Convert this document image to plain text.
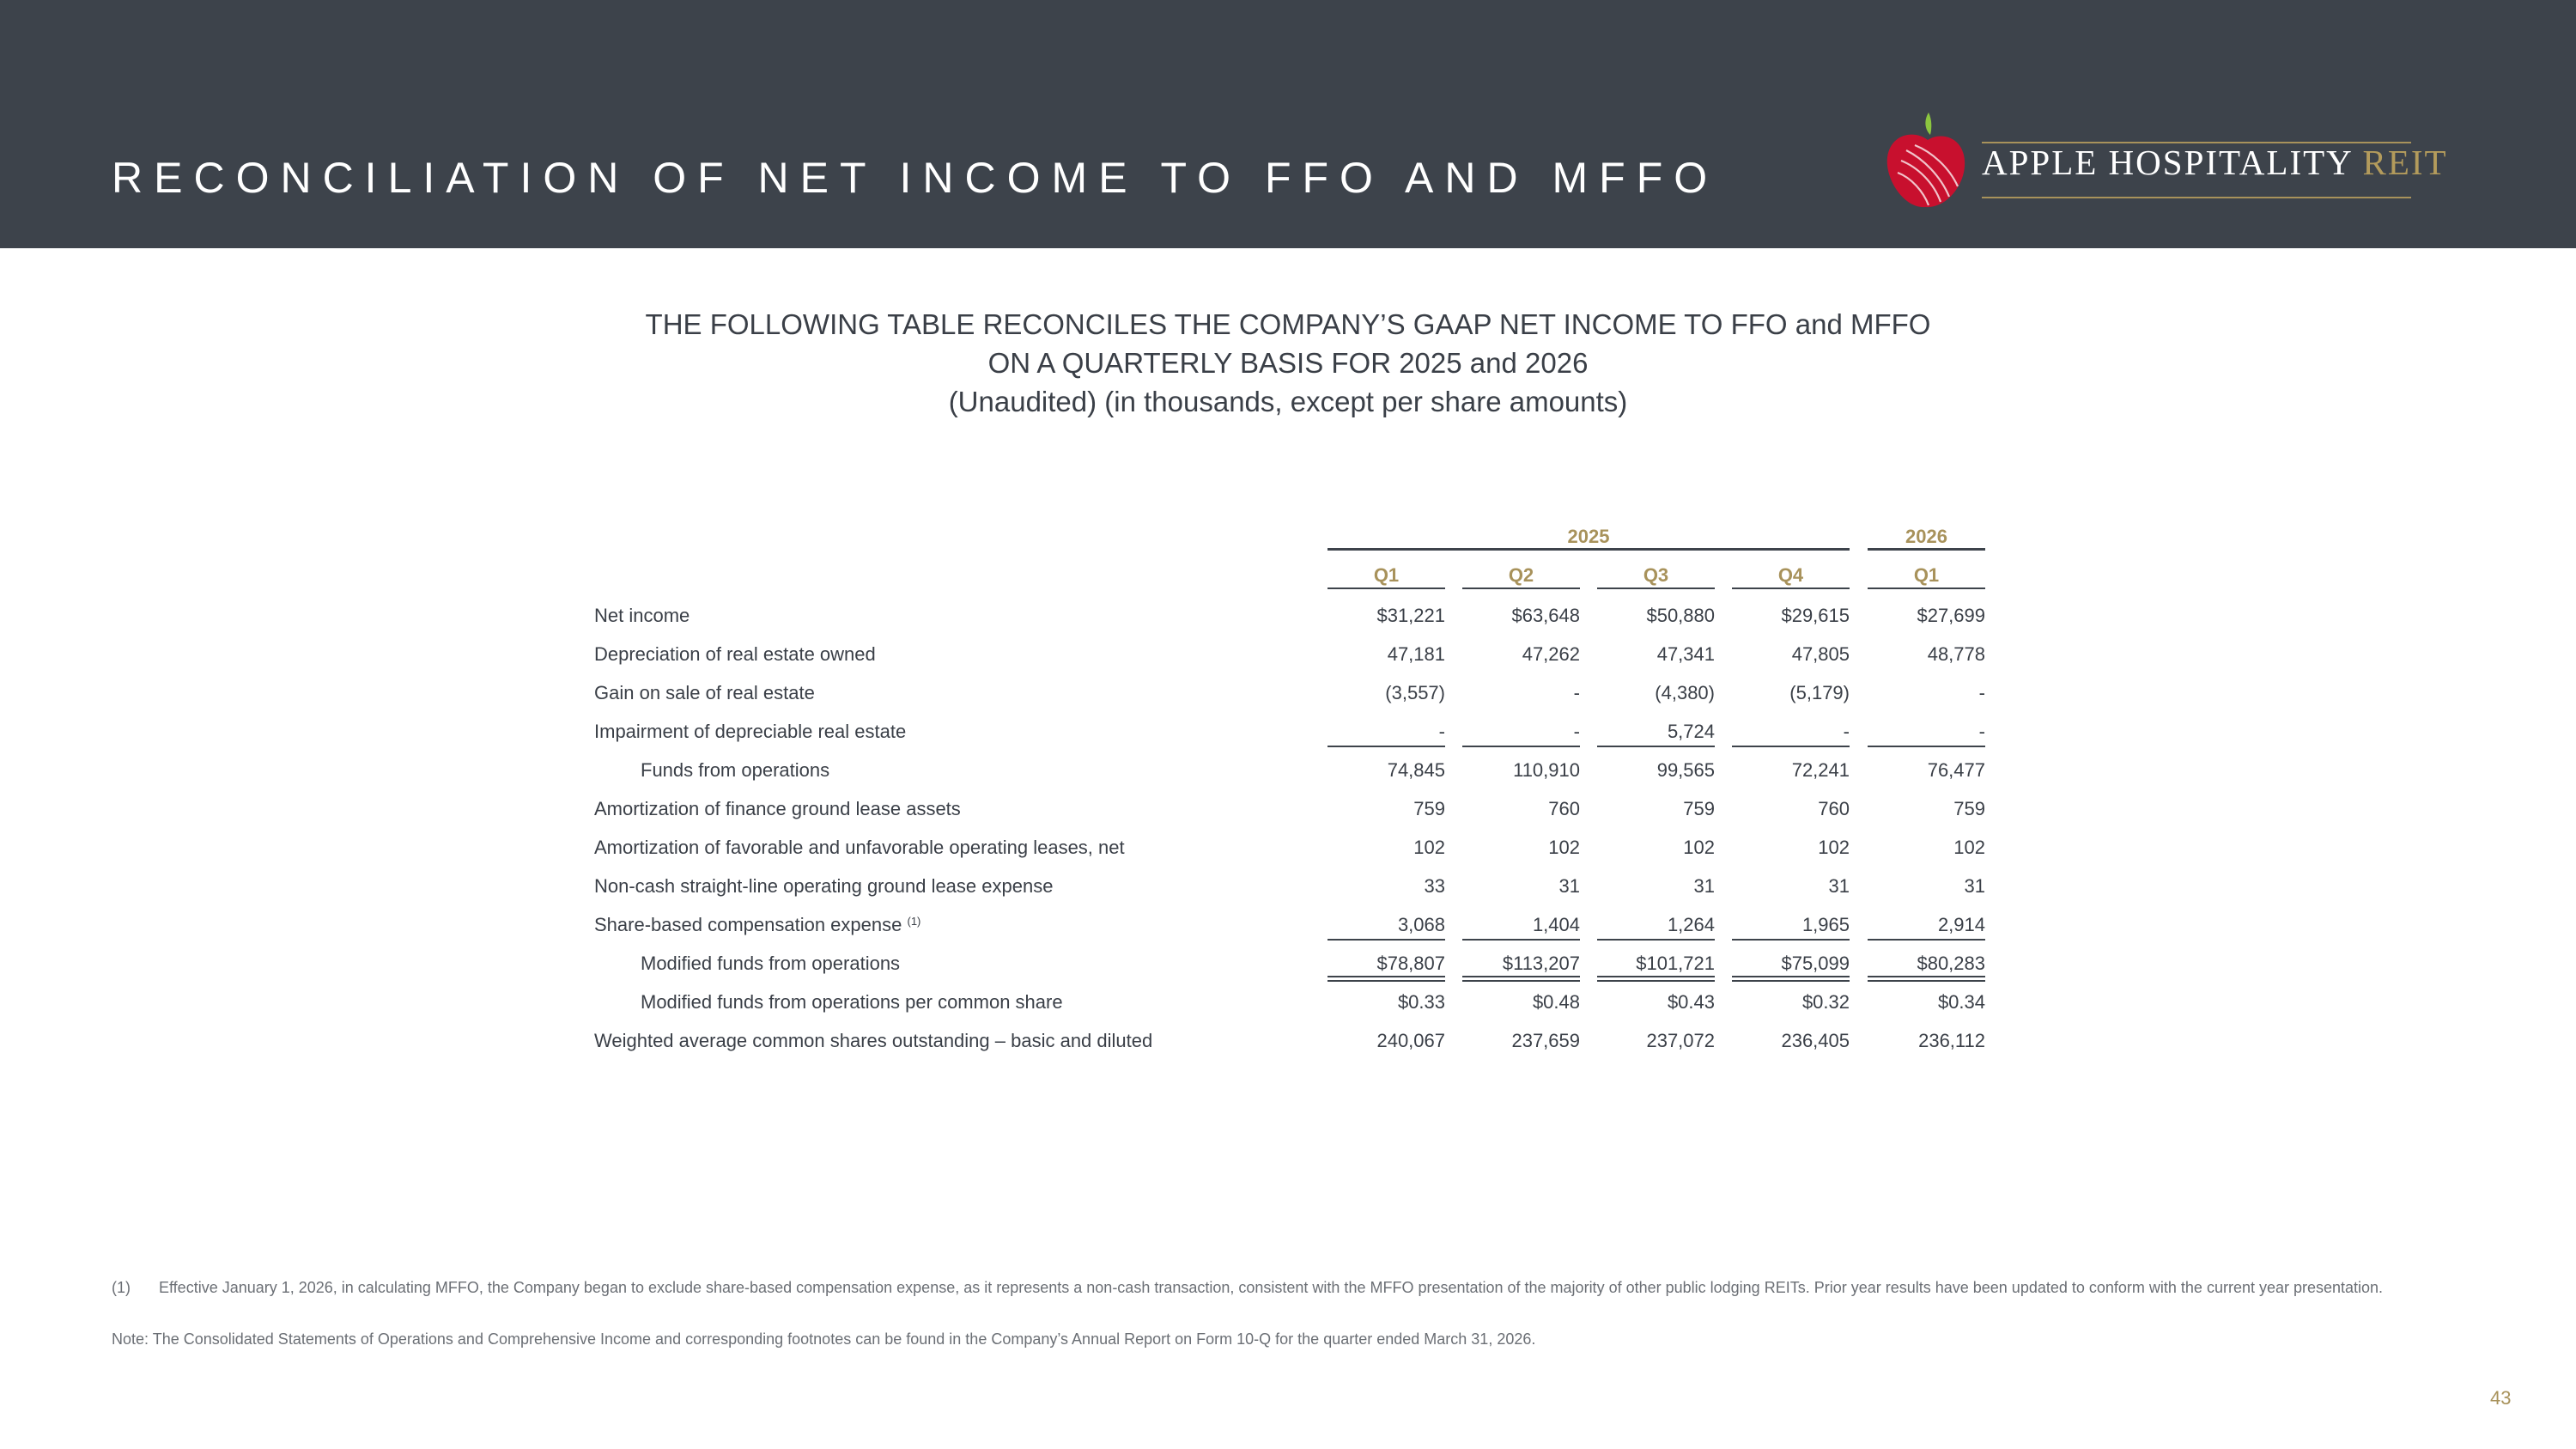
RECONCILIATION OF NET INCOME TO FFO AND MFFO	APPLE HOSPITALITY REIT
THE FOLLOWING TABLE RECONCILES THE COMPANY’S GAAP NET INCOME TO FFO and MFFO
ON A QUARTERLY BASIS FOR 2025 and 2026
(Unaudited) (in thousands, except per share amounts)
2025	2026
Q1	Q2	Q3	Q4	Q1
Net income	$31,221	$63,648	$50,880	$29,615	$27,699
Depreciation of real estate owned	47,181	47,262	47,341	47,805	48,778
Gain on sale of real estate	(3,557)	-	(4,380)	(5,179)	-
Impairment of depreciable real estate	-	-	5,724	-	-
Funds from operations	74,845	110,910	99,565	72,241	76,477
Amortization of finance ground lease assets	759	760	759	760	759
Amortization of favorable and unfavorable operating leases, net	102	102	102	102	102
Non-cash straight-line operating ground lease expense	33	31	31	31	31
Share-based compensation expense $^{(1)}$	3,068	1,404	1,264	1,965	2,914
Modified funds from operations	$78,807	$113,207	$101,721	$75,099	$80,283
Modified funds from operations per common share	$0.33	$0.48	$0.43	$0.32	$0.34
Weighted average common shares outstanding – basic and diluted	240,067	237,659	237,072	236,405	236,112
(1) Effective January 1, 2026, in calculating MFFO, the Company began to exclude share-based compensation expense, as it represents a non-cash transaction, consistent with the MFFO presentation of the majority of other public lodging REITs. Prior year results have been updated to conform with the current year presentation.
Note: The Consolidated Statements of Operations and Comprehensive Income and corresponding footnotes can be found in the Company’s Annual Report on Form 10-Q for the quarter ended March 31, 2026.
43
